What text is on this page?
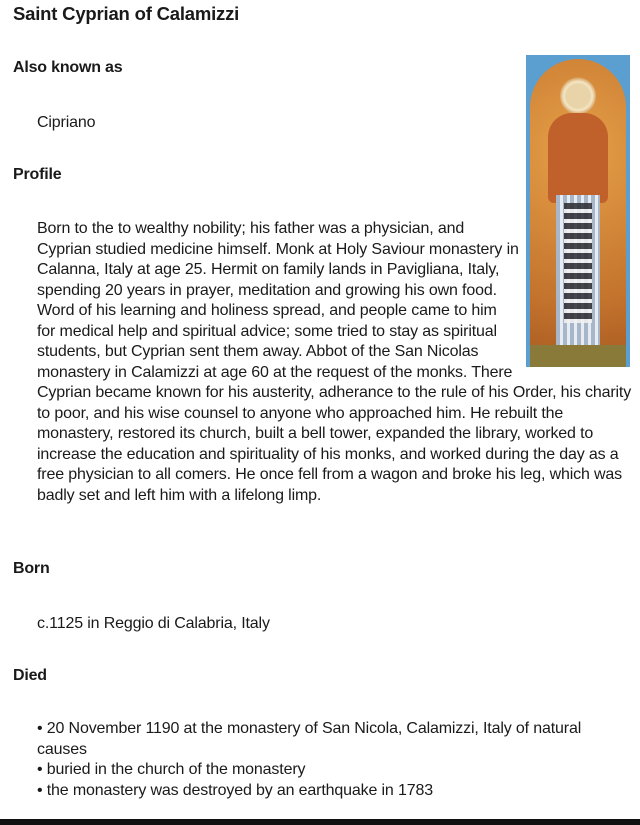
Saint Cyprian of Calamizzi
Also known as
Cipriano
Profile
Born to the to wealthy nobility; his father was a physician, and Cyprian studied medicine himself. Monk at Holy Saviour monastery in Calanna, Italy at age 25. Hermit on family lands in Pavigliana, Italy, spending 20 years in prayer, meditation and growing his own food. Word of his learning and holiness spread, and people came to him for medical help and spiritual advice; some tried to stay as spiritual students, but Cyprian sent them away. Abbot of the San Nicolas monastery in Calamizzi at age 60 at the request of the monks. There Cyprian became known for his austerity, adherance to the rule of his Order, his charity to poor, and his wise counsel to anyone who approached him. He rebuilt the monastery, restored its church, built a bell tower, expanded the library, worked to increase the education and spirituality of his monks, and worked during the day as a free physician to all comers. He once fell from a wagon and broke his leg, which was badly set and left him with a lifelong limp.
Born
c.1125 in Reggio di Calabria, Italy
Died

• 20 November 1190 at the monastery of San Nicola, Calamizzi, Italy of natural causes

• buried in the church of the monastery

• the monastery was destroyed by an earthquake in 1783
